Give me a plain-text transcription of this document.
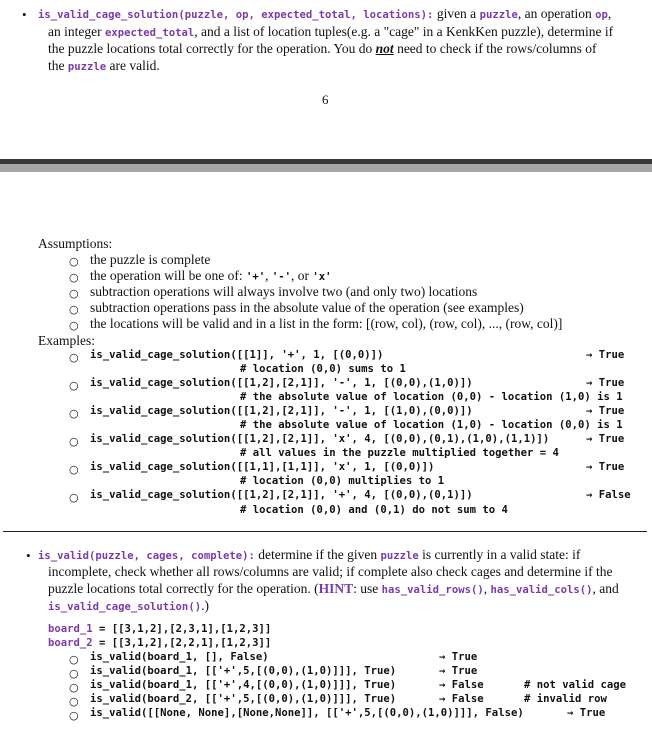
• is_valid_cage_solution(puzzle, op, expected_total, locations): given a puzzle, an operation op,
an integer expected_total, and a list of location tuples(e.g. a "cage" in a KenkKen puzzle), determine if
the puzzle locations total correctly for the operation. You do not need to check if the rows/columns of
the puzzle are valid.
6
Assumptions:
○ the puzzle is complete
○ the operation will be one of: '+', '-', or 'x'
○ subtraction operations will always involve two (and only two) locations
○ subtraction operations pass in the absolute value of the operation (see examples)
○ the locations will be valid and in a list in the form: [(row, col), (row, col), ..., (row, col)]
Examples:
○ is_valid_cage_solution([[1]], '+', 1, [(0,0)])	→ True
# location (0,0) sums to 1
○ is_valid_cage_solution([[1,2],[2,1]], '-', 1, [(0,0),(1,0)])	→ True
# the absolute value of location (0,0) - location (1,0) is 1
○ is_valid_cage_solution([[1,2],[2,1]], '-', 1, [(1,0),(0,0)])	→ True
# the absolute value of location (1,0) - location (0,0) is 1
○ is_valid_cage_solution([[1,2],[2,1]], 'x', 4, [(0,0),(0,1),(1,0),(1,1)])	→ True
# all values in the puzzle multiplied together = 4
○ is_valid_cage_solution([[1,1],[1,1]], 'x', 1, [(0,0)])	→ True
# location (0,0) multiplies to 1
○ is_valid_cage_solution([[1,2],[2,1]], '+', 4, [(0,0),(0,1)])	→ False
# location (0,0) and (0,1) do not sum to 4
• is_valid(puzzle, cages, complete): determine if the given puzzle is currently in a valid state: if
incomplete, check whether all rows/columns are valid; if complete also check cages and determine if the
puzzle locations total correctly for the operation. (HINT: use has_valid_rows(), has_valid_cols(), and
is_valid_cage_solution().)
board_1 = [[3,1,2],[2,3,1],[1,2,3]]
board_2 = [[3,1,2],[2,2,1],[1,2,3]]
○ is_valid(board_1, [], False)	→ True
○ is_valid(board_1, [['+',5,[(0,0),(1,0)]]], True)	→ True
○ is_valid(board_1, [['+',4,[(0,0),(1,0)]]], True)	→ False	# not valid cage
○ is_valid(board_2, [['+',5,[(0,0),(1,0)]]], True)	→ False	# invalid row
○ is_valid([[None, None],[None,None]], [['+',5,[(0,0),(1,0)]]], False)	→ True
